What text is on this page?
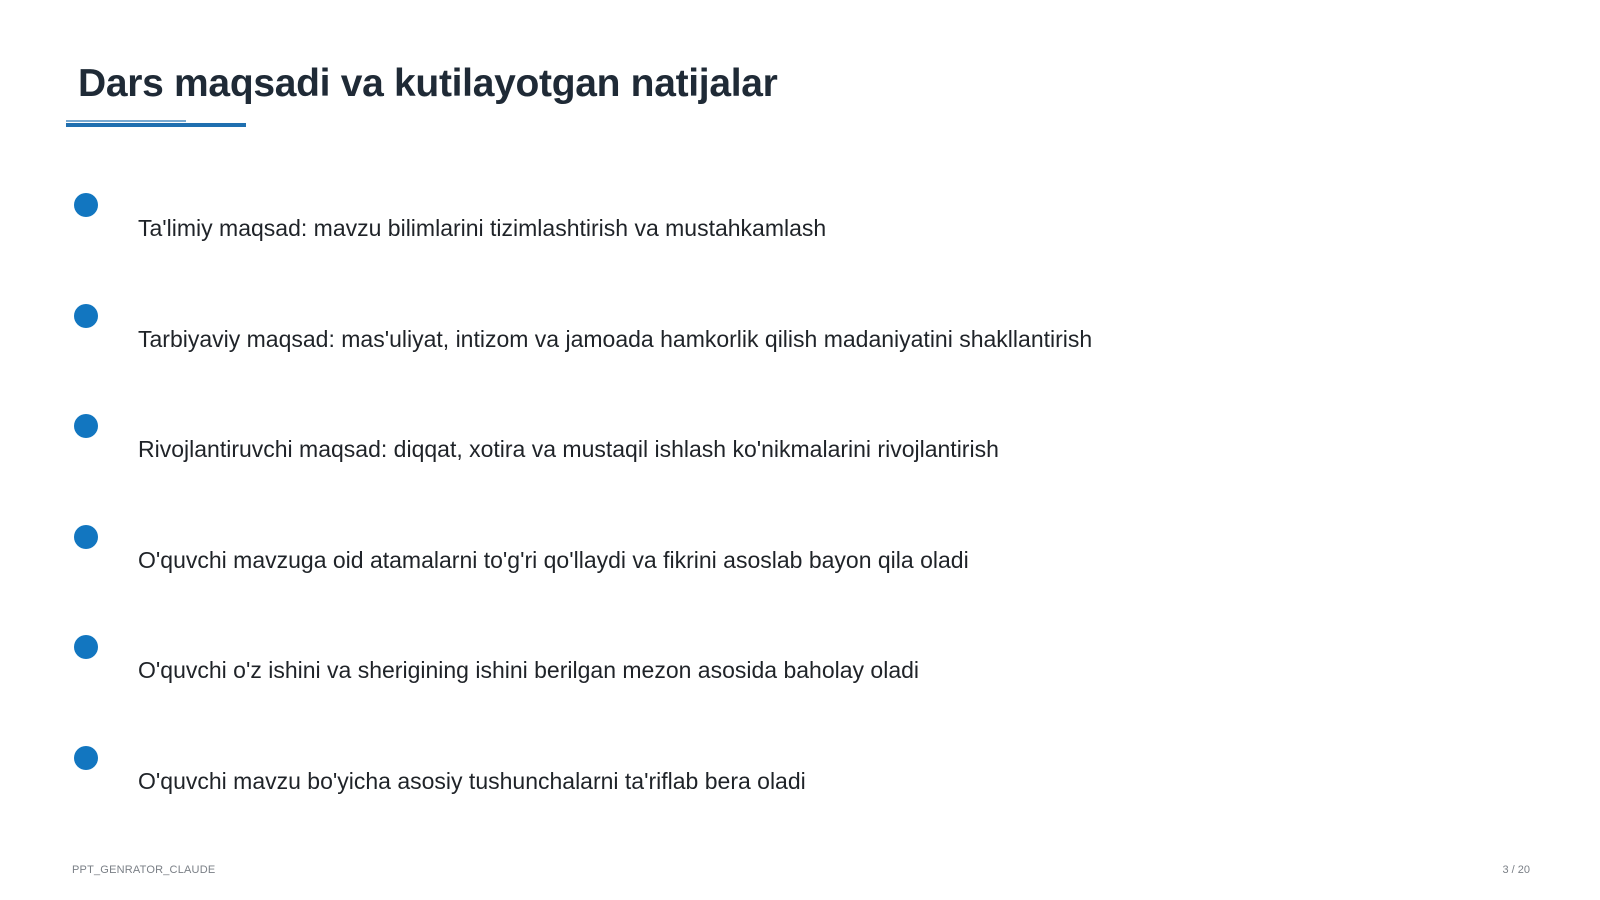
Dars maqsadi va kutilayotgan natijalar
Ta'limiy maqsad: mavzu bilimlarini tizimlashtirish va mustahkamlash
Tarbiyaviy maqsad: mas'uliyat, intizom va jamoada hamkorlik qilish madaniyatini shakllantirish
Rivojlantiruvchi maqsad: diqqat, xotira va mustaqil ishlash ko'nikmalarini rivojlantirish
O'quvchi mavzuga oid atamalarni to'g'ri qo'llaydi va fikrini asoslab bayon qila oladi
O'quvchi o'z ishini va sherigining ishini berilgan mezon asosida baholay oladi
O'quvchi mavzu bo'yicha asosiy tushunchalarni ta'riflab bera oladi
PPT_GENRATOR_CLAUDE	3 / 20
